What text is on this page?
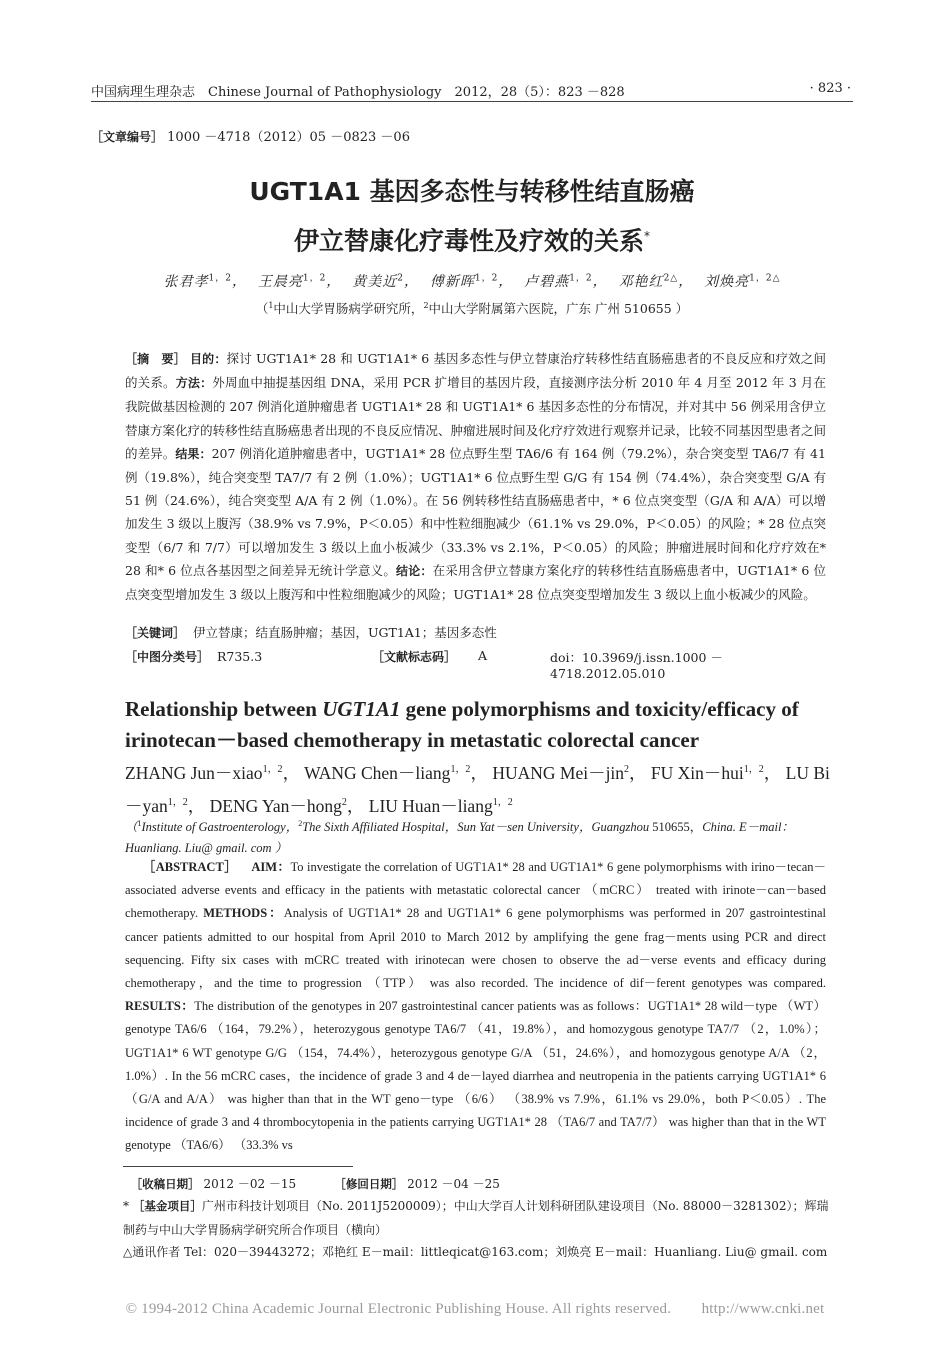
中国病理生理杂志　Chinese Journal of Pathophysiology　2012，28（5）：823 －828	· 823 ·
［文章编号］ 1000 －4718（2012）05 －0823 －06
UGT1A1 基因多态性与转移性结直肠癌
伊立替康化疗毒性及疗效的关系*
张君孝$^{1,2}$，  王晨亮$^{1,2}$，  黄美近$^2$，  傅新晖$^{1,2}$，  卢碧燕$^{1,2}$，  邓艳红$^{2\triangle}$，  刘焕亮$^{1,2\triangle}$
（$^1$中山大学胃肠病学研究所，$^2$中山大学附属第六医院，广东 广州 510655 ）

［摘　要］ 目的：探讨 UGT1A1* 28 和 UGT1A1* 6 基因多态性与伊立替康治疗转移性结直肠癌患者的不良反应和疗效之间的关系。方法：外周血中抽提基因组 DNA，采用 PCR 扩增目的基因片段，直接测序法分析 2010 年 4 月至 2012 年 3 月在我院做基因检测的 207 例消化道肿瘤患者 UGT1A1* 28 和 UGT1A1* 6 基因多态性的分布情况，并对其中 56 例采用含伊立替康方案化疗的转移性结直肠癌患者出现的不良反应情况、肿瘤进展时间及化疗疗效进行观察并记录，比较不同基因型患者之间的差异。结果：207 例消化道肿瘤患者中，UGT1A1* 28 位点野生型 TA6/6 有 164 例（79.2%），杂合突变型 TA6/7 有 41 例（19.8%），纯合突变型 TA7/7 有 2 例（1.0%）；UGT1A1* 6 位点野生型 G/G 有 154 例（74.4%），杂合突变型 G/A 有 51 例（24.6%），纯合突变型 A/A 有 2 例（1.0%）。在 56 例转移性结直肠癌患者中，* 6 位点突变型（G/A 和 A/A）可以增加发生 3 级以上腹泻（38.9% vs 7.9%，P＜0.05）和中性粒细胞减少（61.1% vs 29.0%，P＜0.05）的风险；* 28 位点突变型（6/7 和 7/7）可以增加发生 3 级以上血小板减少（33.3% vs 2.1%，P＜0.05）的风险；肿瘤进展时间和化疗疗效在* 28 和* 6 位点各基因型之间差异无统计学意义。结论：在采用含伊立替康方案化疗的转移性结直肠癌患者中，UGT1A1* 6 位点突变型增加发生 3 级以上腹泻和中性粒细胞减少的风险；UGT1A1* 28 位点突变型增加发生 3 级以上血小板减少的风险。

［关键词］ 伊立替康；结直肠肿瘤；基因，UGT1A1；基因多态性
［中图分类号］ R735.3	［文献标志码］ A	doi：10.3969/j.issn.1000 －4718.2012.05.010
Relationship between UGT1A1 gene polymorphisms and toxicity/efficacy of irinotecan－based chemotherapy in metastatic colorectal cancer
ZHANG Jun－xiao$^{1,2}$， WANG Chen－liang$^{1,2}$， HUANG Mei－jin$^2$， FU Xin－hui$^{1,2}$， LU Bi－yan$^{1,2}$， DENG Yan－hong$^2$， LIU Huan－liang$^{1,2}$
（$^1$Institute of Gastroenterology，$^2$The Sixth Affiliated Hospital，Sun Yat－sen University，Guangzhou 510655，China. E－mail：Huanliang. Liu@ gmail. com ）
［ABSTRACT］ AIM：To investigate the correlation of UGT1A1* 28 and UGT1A1* 6 gene polymorphisms with irino－tecan－associated adverse events and efficacy in the patients with metastatic colorectal cancer （mCRC） treated with irinote－can－based chemotherapy. METHODS：Analysis of UGT1A1* 28 and UGT1A1* 6 gene polymorphisms was performed in 207 gastrointestinal cancer patients admitted to our hospital from April 2010 to March 2012 by amplifying the gene frag－ments using PCR and direct sequencing. Fifty six cases with mCRC treated with irinotecan were chosen to observe the ad－verse events and efficacy during chemotherapy，and the time to progression （TTP） was also recorded. The incidence of dif－ferent genotypes was compared. RESULTS：The distribution of the genotypes in 207 gastrointestinal cancer patients was as follows：UGT1A1* 28 wild－type （WT） genotype TA6/6 （164，79.2%），heterozygous genotype TA6/7 （41，19.8%），and homozygous genotype TA7/7 （2，1.0%）；UGT1A1* 6 WT genotype G/G （154，74.4%），heterozygous genotype G/A （51，24.6%），and homozygous genotype A/A （2，1.0%）. In the 56 mCRC cases，the incidence of grade 3 and 4 de－layed diarrhea and neutropenia in the patients carrying UGT1A1* 6 （G/A and A/A） was higher than that in the WT geno－type （6/6） （38.9% vs 7.9%，61.1% vs 29.0%，both P＜0.05）. The incidence of grade 3 and 4 thrombocytopenia in the patients carrying UGT1A1* 28 （TA6/7 and TA7/7） was higher than that in the WT genotype （TA6/6） （33.3% vs
［收稿日期］ 2012 －02 －15	［修回日期］ 2012 －04 －25
* ［基金项目］广州市科技计划项目（No. 2011J5200009）；中山大学百人计划科研团队建设项目（No. 88000－3281302）；辉瑞制药与中山大学胃肠病学研究所合作项目（横向）
△通讯作者 Tel：020－39443272；邓艳红 E－mail：littleqicat@163.com；刘焕亮 E－mail：Huanliang. Liu@ gmail. com
© 1994-2012 China Academic Journal Electronic Publishing House. All rights reserved.　　http://www.cnki.net
